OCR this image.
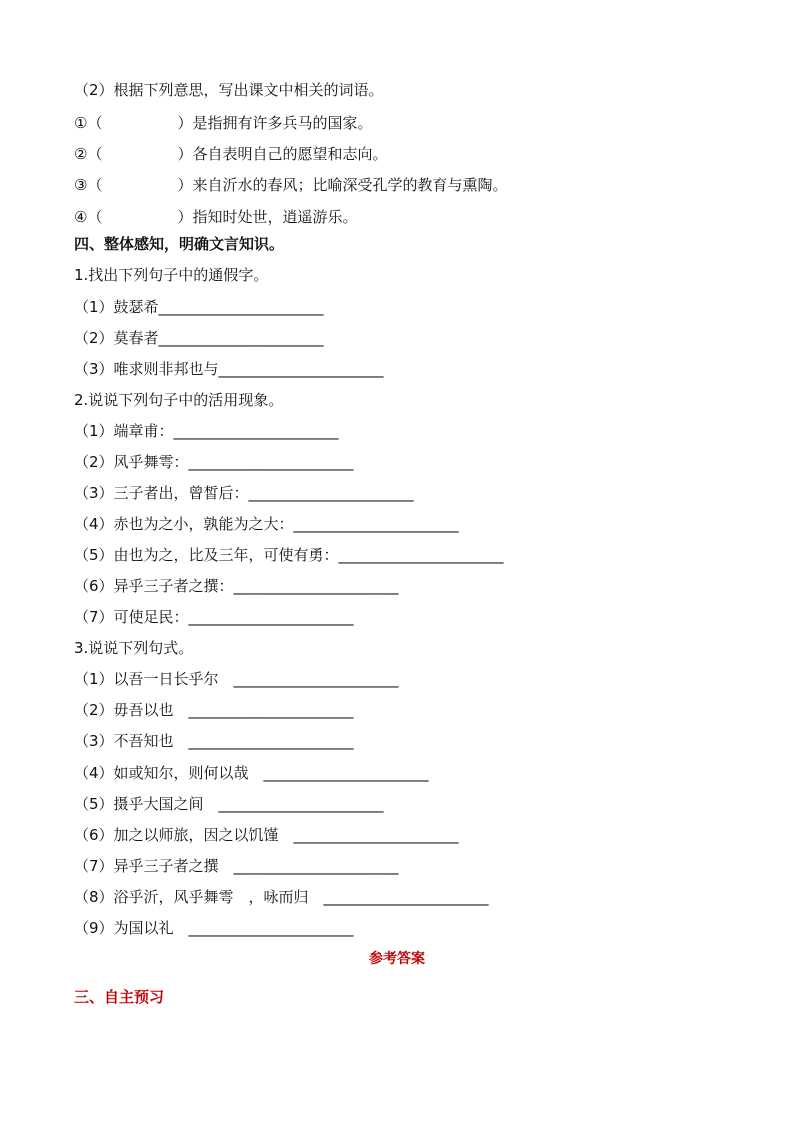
（2）根据下列意思，写出课文中相关的词语。
①（　　　　　）是指拥有许多兵马的国家。
②（　　　　　）各自表明自己的愿望和志向。
③（　　　　　）来自沂水的春风；比喻深受孔学的教育与熏陶。
④（　　　　　）指知时处世，逍遥游乐。
四、整体感知，明确文言知识。
1.找出下列句子中的通假字。
（1）鼓瑟希______________________
（2）莫春者______________________
（3）唯求则非邦也与______________________
2.说说下列句子中的活用现象。
（1）端章甫：______________________
（2）风乎舞雩：______________________
（3）三子者出，曾皙后：______________________
（4）赤也为之小，孰能为之大：______________________
（5）由也为之，比及三年，可使有勇：______________________
（6）异乎三子者之撰：______________________
（7）可使足民：______________________
3.说说下列句式。
（1）以吾一日长乎尔　______________________
（2）毋吾以也　______________________
（3）不吾知也　______________________
（4）如或知尔，则何以哉　______________________
（5）摄乎大国之间　______________________
（6）加之以师旅，因之以饥馑　______________________
（7）异乎三子者之撰　______________________
（8）浴乎沂，风乎舞雩　，咏而归　______________________
（9）为国以礼　______________________
参考答案
三、自主预习
